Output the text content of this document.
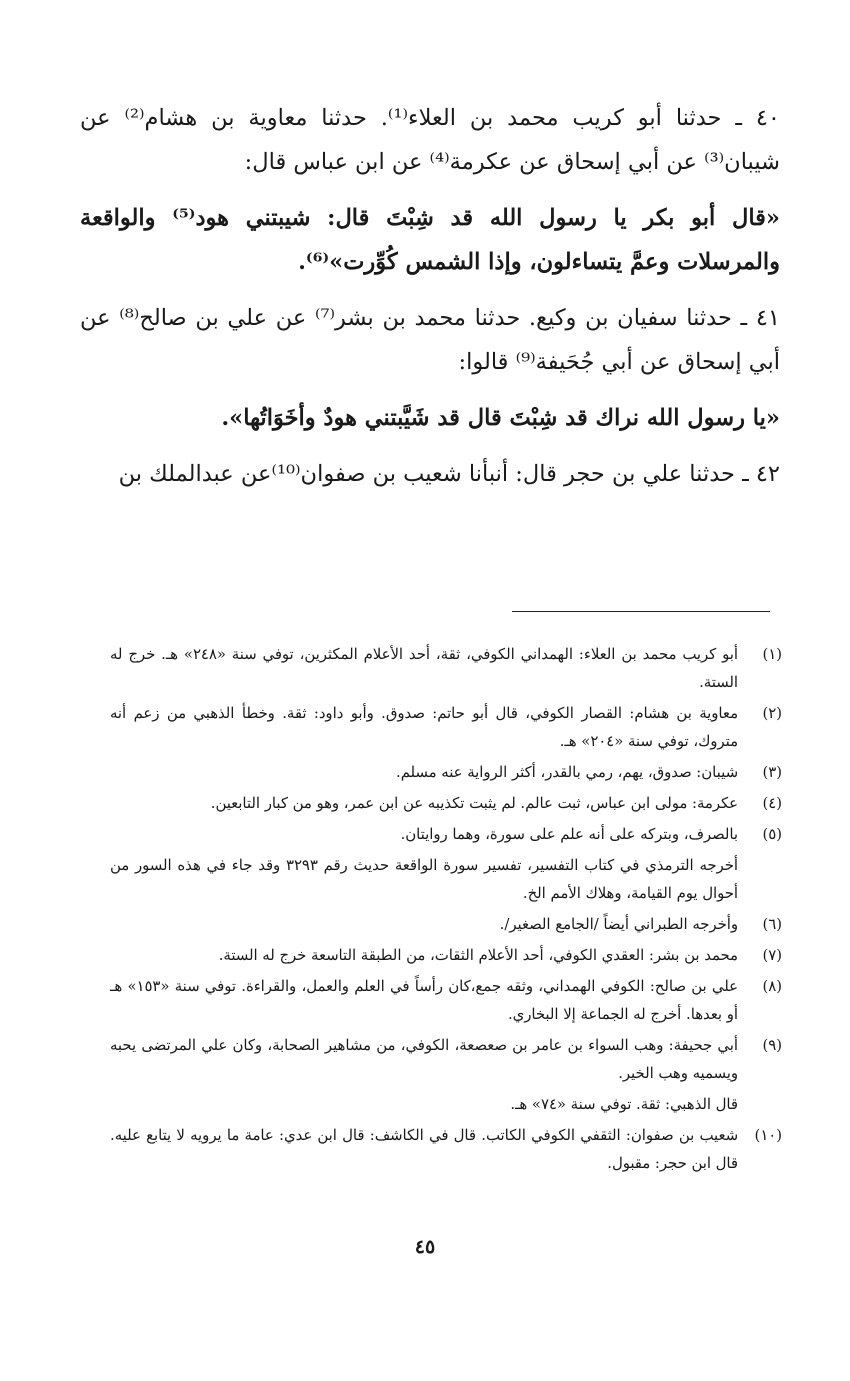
٤٠ ـ حدثنا أبو كريب محمد بن العلاء⁽¹⁾. حدثنا معاوية بن هشام⁽²⁾ عن شيبان⁽³⁾ عن أبي إسحاق عن عكرمة⁽⁴⁾ عن ابن عباس قال:

«قال أبو بكر يا رسول الله قد شِبْتَ قال: شيبتني هود⁽⁵⁾ والواقعة والمرسلات وعمَّ يتساءلون، وإذا الشمس كُوِّرت»⁽⁶⁾.

٤١ ـ حدثنا سفيان بن وكيع. حدثنا محمد بن بشر⁽⁷⁾ عن علي بن صالح⁽⁸⁾ عن أبي إسحاق عن أبي جُحَيفة⁽⁹⁾ قالوا:

«يا رسول الله نراك قد شِبْتَ قال قد شَيَّبتني هودٌ وأخَوَاتُها».

٤٢ ـ حدثنا علي بن حجر قال: أنبأنا شعيب بن صفوان⁽¹⁰⁾عن عبدالملك بن

(١)
أبو كريب محمد بن العلاء: الهمداني الكوفي، ثقة، أحد الأعلام المكثرين، توفي سنة «٢٤٨» هـ. خرج له الستة.
(٢)
معاوية بن هشام: القصار الكوفي، قال أبو حاتم: صدوق. وأبو داود: ثقة. وخطأ الذهبي من زعم أنه متروك، توفي سنة «٢٠٤» هـ.
(٣)
شيبان: صدوق، يهم، رمي بالقدر، أكثر الرواية عنه مسلم.
(٤)
عكرمة: مولى ابن عباس، ثبت عالم. لم يثبت تكذيبه عن ابن عمر، وهو من كبار التابعين.
(٥)
بالصرف، وبتركه على أنه علم على سورة، وهما روايتان.
أخرجه الترمذي في كتاب التفسير، تفسير سورة الواقعة حديث رقم ٣٢٩٣ وقد جاء في هذه السور من أحوال يوم القيامة، وهلاك الأمم الخ.
(٦)
وأخرجه الطبراني أيضاً /الجامع الصغير/.
(٧)
محمد بن بشر: العقدي الكوفي، أحد الأعلام الثقات، من الطبقة التاسعة خرج له الستة.
(٨)
علي بن صالح: الكوفي الهمداني، وثقه جمع،كان رأساً في العلم والعمل، والقراءة. توفي سنة «١٥٣» هـ أو بعدها. أخرج له الجماعة إلا البخاري.
(٩)
أبي جحيفة: وهب السواء بن عامر بن صعصعة، الكوفي، من مشاهير الصحابة، وكان علي المرتضى يحبه ويسميه وهب الخير.
قال الذهبي: ثقة. توفي سنة «٧٤» هـ.
(١٠)
شعيب بن صفوان: الثقفي الكوفي الكاتب. قال في الكاشف: قال ابن عدي: عامة ما يرويه لا يتابع عليه. قال ابن حجر: مقبول.
٤٥
